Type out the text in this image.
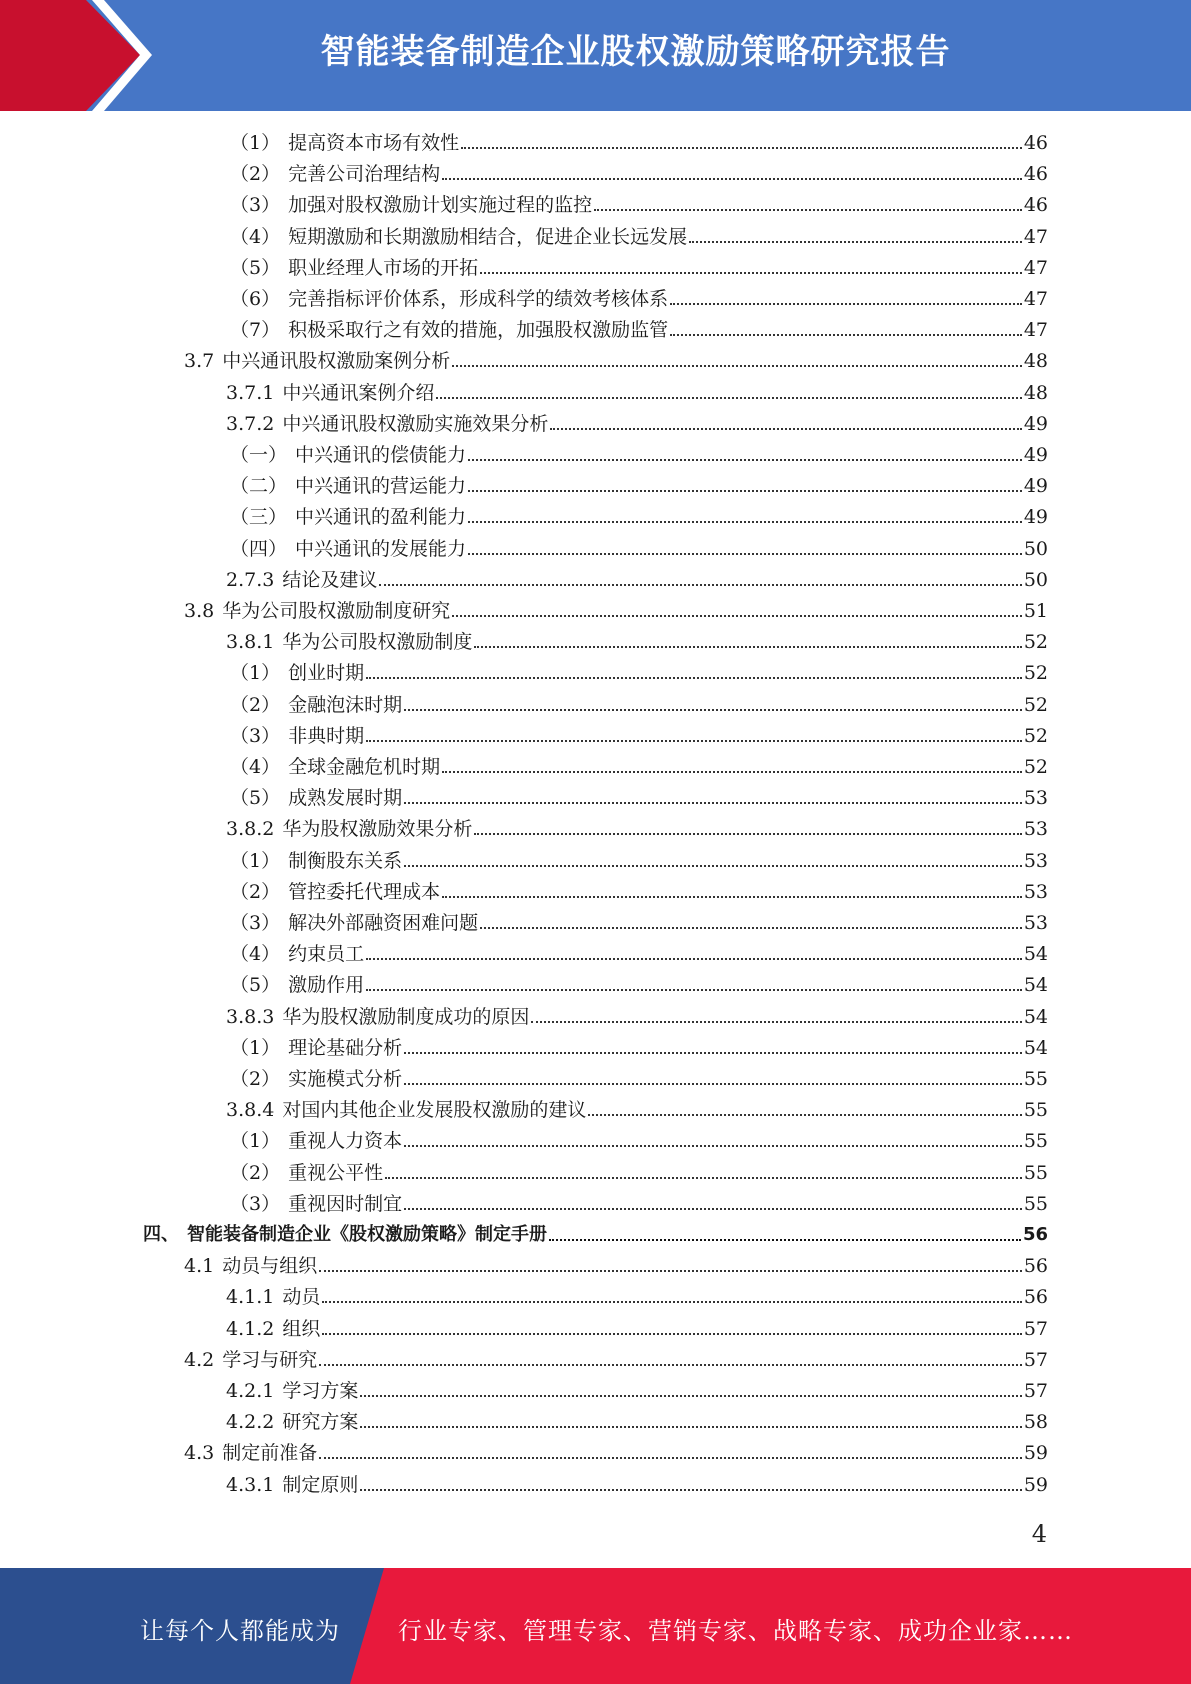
智能装备制造企业股权激励策略研究报告
（1） 提高资本市场有效性	46
（2） 完善公司治理结构	46
（3） 加强对股权激励计划实施过程的监控	46
（4） 短期激励和长期激励相结合，促进企业长远发展	47
（5） 职业经理人市场的开拓	47
（6） 完善指标评价体系，形成科学的绩效考核体系	47
（7） 积极采取行之有效的措施，加强股权激励监管	47
3.7 中兴通讯股权激励案例分析	48
3.7.1 中兴通讯案例介绍	48
3.7.2 中兴通讯股权激励实施效果分析	49
（一） 中兴通讯的偿债能力	49
（二） 中兴通讯的营运能力	49
（三） 中兴通讯的盈利能力	49
（四） 中兴通讯的发展能力	50
2.7.3 结论及建议	50
3.8 华为公司股权激励制度研究	51
3.8.1 华为公司股权激励制度	52
（1） 创业时期	52
（2） 金融泡沫时期	52
（3） 非典时期	52
（4） 全球金融危机时期	52
（5） 成熟发展时期	53
3.8.2 华为股权激励效果分析	53
（1） 制衡股东关系	53
（2） 管控委托代理成本	53
（3） 解决外部融资困难问题	53
（4） 约束员工	54
（5） 激励作用	54
3.8.3 华为股权激励制度成功的原因	54
（1） 理论基础分析	54
（2） 实施模式分析	55
3.8.4 对国内其他企业发展股权激励的建议	55
（1） 重视人力资本	55
（2） 重视公平性	55
（3） 重视因时制宜	55
四、 智能装备制造企业《股权激励策略》制定手册	56
4.1 动员与组织	56
4.1.1 动员	56
4.1.2 组织	57
4.2 学习与研究	57
4.2.1 学习方案	57
4.2.2 研究方案	58
4.3 制定前准备	59
4.3.1 制定原则	59
4
让每个人都能成为 行业专家、管理专家、营销专家、战略专家、成功企业家……
